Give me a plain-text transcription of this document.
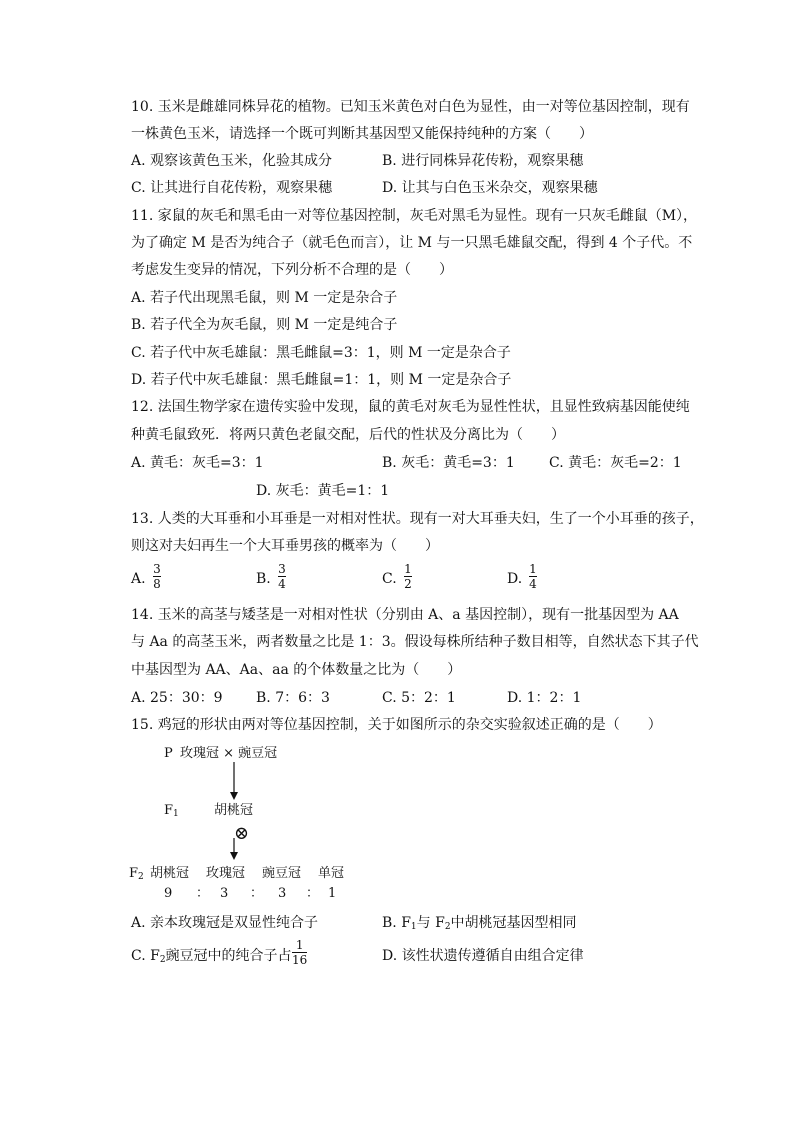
10. 玉米是雌雄同株异花的植物。已知玉米黄色对白色为显性，由一对等位基因控制，现有
一株黄色玉米，请选择一个既可判断其基因型又能保持纯种的方案（　　）
A. 观察该黄色玉米，化验其成分	B. 进行同株异花传粉，观察果穗
C. 让其进行自花传粉，观察果穗	D. 让其与白色玉米杂交，观察果穗
11. 家鼠的灰毛和黑毛由一对等位基因控制，灰毛对黑毛为显性。现有一只灰毛雌鼠（M），
为了确定 M 是否为纯合子（就毛色而言），让 M 与一只黑毛雄鼠交配，得到 4 个子代。不
考虑发生变异的情况，下列分析不合理的是（　　）
A. 若子代出现黑毛鼠，则 M 一定是杂合子
B. 若子代全为灰毛鼠，则 M 一定是纯合子
C. 若子代中灰毛雄鼠：黑毛雌鼠=3：1，则 M 一定是杂合子
D. 若子代中灰毛雄鼠：黑毛雌鼠=1：1，则 M 一定是杂合子
12. 法国生物学家在遗传实验中发现，鼠的黄毛对灰毛为显性性状，且显性致病基因能使纯
种黄毛鼠致死．将两只黄色老鼠交配，后代的性状及分离比为（　　）
A. 黄毛：灰毛=3：1	B. 灰毛：黄毛=3：1 C. 黄毛：灰毛=2：1
D. 灰毛：黄毛=1：1
13. 人类的大耳垂和小耳垂是一对相对性状。现有一对大耳垂夫妇，生了一个小耳垂的孩子，
则这对夫妇再生一个大耳垂男孩的概率为（　　）
A.
3
8	B.
3
4	C.
1
2	D.
1
4
14. 玉米的高茎与矮茎是一对相对性状（分别由 A、a 基因控制），现有一批基因型为 AA
与 Aa 的高茎玉米，两者数量之比是 1：3。假设每株所结种子数目相等，自然状态下其子代
中基因型为 AA、Aa、aa 的个体数量之比为（　　）
A. 25：30：9 B. 7：6：3	C. 5：2：1	D. 1：2：1
15. 鸡冠的形状由两对等位基因控制，关于如图所示的杂交实验叙述正确的是（　　）
P 玫瑰冠 × 豌豆冠
$F_1$	胡桃冠
⊗
$F_2$ 胡桃冠 玫瑰冠 豌豆冠 单冠
9 ： 3 ： 3 ： 1
A. 亲本玫瑰冠是双显性纯合子	B. $F_1$与 $F_2$中胡桃冠基因型相同
C. $F_2$豌豆冠中的纯合子占
1
16	D. 该性状遗传遵循自由组合定律
